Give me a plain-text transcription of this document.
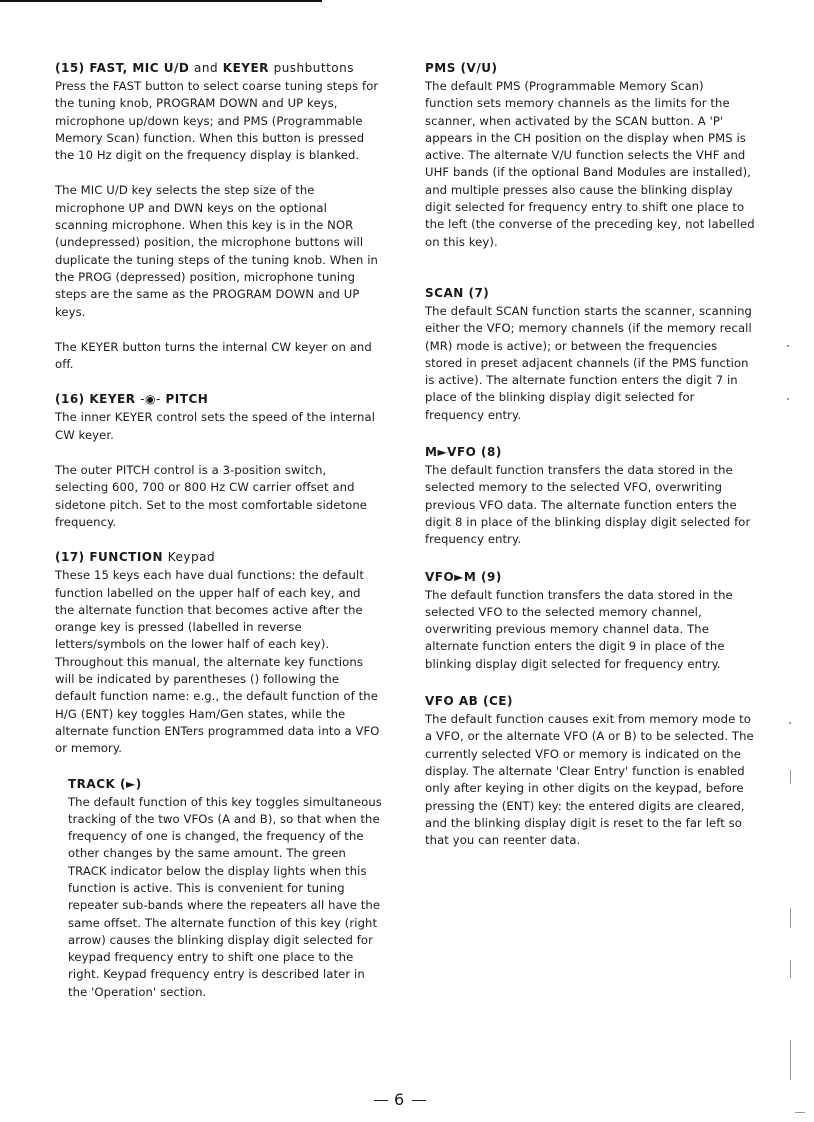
(15) FAST, MIC U/D and KEYER pushbuttons

Press the FAST button to select coarse tuning steps for the tuning knob, PROGRAM DOWN and UP keys, microphone up/down keys; and PMS (Programmable Memory Scan) function. When this button is pressed the 10 Hz digit on the frequency display is blanked.

The MIC U/D key selects the step size of the microphone UP and DWN keys on the optional scanning microphone. When this key is in the NOR (undepressed) position, the microphone buttons will duplicate the tuning steps of the tuning knob. When in the PROG (depressed) position, microphone tuning steps are the same as the PROGRAM DOWN and UP keys.

The KEYER button turns the internal CW keyer on and off.

(16) KEYER -◉- PITCH

The inner KEYER control sets the speed of the internal CW keyer.

The outer PITCH control is a 3-position switch, selecting 600, 700 or 800 Hz CW carrier offset and sidetone pitch. Set to the most comfortable sidetone frequency.

(17) FUNCTION Keypad

These 15 keys each have dual functions: the default function labelled on the upper half of each key, and the alternate function that becomes active after the orange key is pressed (labelled in reverse letters/symbols on the lower half of each key). Throughout this manual, the alternate key functions will be indicated by parentheses () following the default function name: e.g., the default function of the H/G (ENT) key toggles Ham/Gen states, while the alternate function ENTers programmed data into a VFO or memory.

TRACK (►)

The default function of this key toggles simultaneous tracking of the two VFOs (A and B), so that when the frequency of one is changed, the frequency of the other changes by the same amount. The green TRACK indicator below the display lights when this function is active. This is convenient for tuning repeater sub-bands where the repeaters all have the same offset. The alternate function of this key (right arrow) causes the blinking display digit selected for keypad frequency entry to shift one place to the right. Keypad frequency entry is described later in the 'Operation' section.

PMS (V/U)

The default PMS (Programmable Memory Scan) function sets memory channels as the limits for the scanner, when activated by the SCAN button. A 'P' appears in the CH position on the display when PMS is active. The alternate V/U function selects the VHF and UHF bands (if the optional Band Modules are installed), and multiple presses also cause the blinking display digit selected for frequency entry to shift one place to the left (the converse of the preceding key, not labelled on this key).

SCAN (7)

The default SCAN function starts the scanner, scanning either the VFO; memory channels (if the memory recall (MR) mode is active); or between the frequencies stored in preset adjacent channels (if the PMS function is active). The alternate function enters the digit 7 in place of the blinking display digit selected for frequency entry.

M►VFO (8)

The default function transfers the data stored in the selected memory to the selected VFO, overwriting previous VFO data. The alternate function enters the digit 8 in place of the blinking display digit selected for frequency entry.

VFO►M (9)

The default function transfers the data stored in the selected VFO to the selected memory channel, overwriting previous memory channel data. The alternate function enters the digit 9 in place of the blinking display digit selected for frequency entry.

VFO AB (CE)

The default function causes exit from memory mode to a VFO, or the alternate VFO (A or B) to be selected. The currently selected VFO or memory is indicated on the display. The alternate 'Clear Entry' function is enabled only after keying in other digits on the keypad, before pressing the (ENT) key: the entered digits are cleared, and the blinking display digit is reset to the far left so that you can reenter data.

6
